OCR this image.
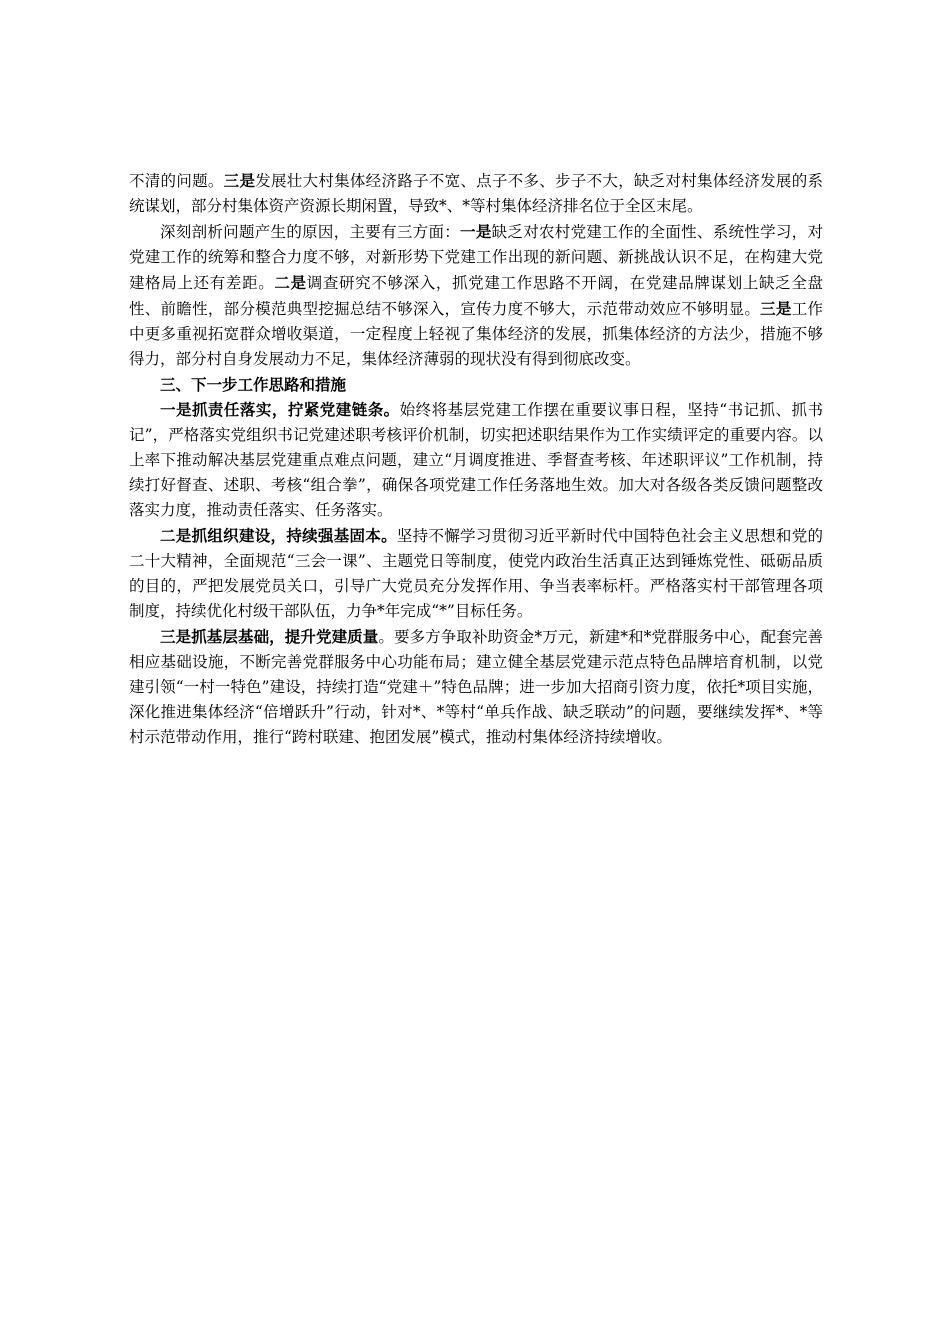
不清的问题。三是发展壮大村集体经济路子不宽、点子不多、步子不大，缺乏对村集体经济发展的系统谋划，部分村集体资产资源长期闲置，导致*、*等村集体经济排名位于全区末尾。

深刻剖析问题产生的原因，主要有三方面：一是缺乏对农村党建工作的全面性、系统性学习，对党建工作的统筹和整合力度不够，对新形势下党建工作出现的新问题、新挑战认识不足，在构建大党建格局上还有差距。二是调查研究不够深入，抓党建工作思路不开阔，在党建品牌谋划上缺乏全盘性、前瞻性，部分模范典型挖掘总结不够深入，宣传力度不够大，示范带动效应不够明显。三是工作中更多重视拓宽群众增收渠道，一定程度上轻视了集体经济的发展，抓集体经济的方法少，措施不够得力，部分村自身发展动力不足，集体经济薄弱的现状没有得到彻底改变。

三、下一步工作思路和措施

一是抓责任落实，拧紧党建链条。始终将基层党建工作摆在重要议事日程，坚持“书记抓、抓书记”，严格落实党组织书记党建述职考核评价机制，切实把述职结果作为工作实绩评定的重要内容。以上率下推动解决基层党建重点难点问题，建立“月调度推进、季督查考核、年述职评议”工作机制，持续打好督查、述职、考核“组合拳”，确保各项党建工作任务落地生效。加大对各级各类反馈问题整改落实力度，推动责任落实、任务落实。

二是抓组织建设，持续强基固本。坚持不懈学习贯彻习近平新时代中国特色社会主义思想和党的二十大精神，全面规范“三会一课”、主题党日等制度，使党内政治生活真正达到锤炼党性、砥砺品质的目的，严把发展党员关口，引导广大党员充分发挥作用、争当表率标杆。严格落实村干部管理各项制度，持续优化村级干部队伍，力争*年完成“*”目标任务。

三是抓基层基础，提升党建质量。要多方争取补助资金*万元，新建*和*党群服务中心，配套完善相应基础设施，不断完善党群服务中心功能布局；建立健全基层党建示范点特色品牌培育机制，以党建引领“一村一特色”建设，持续打造“党建＋”特色品牌；进一步加大招商引资力度，依托*项目实施，深化推进集体经济“倍增跃升”行动，针对*、*等村“单兵作战、缺乏联动”的问题，要继续发挥*、*等村示范带动作用，推行“跨村联建、抱团发展”模式，推动村集体经济持续增收。
